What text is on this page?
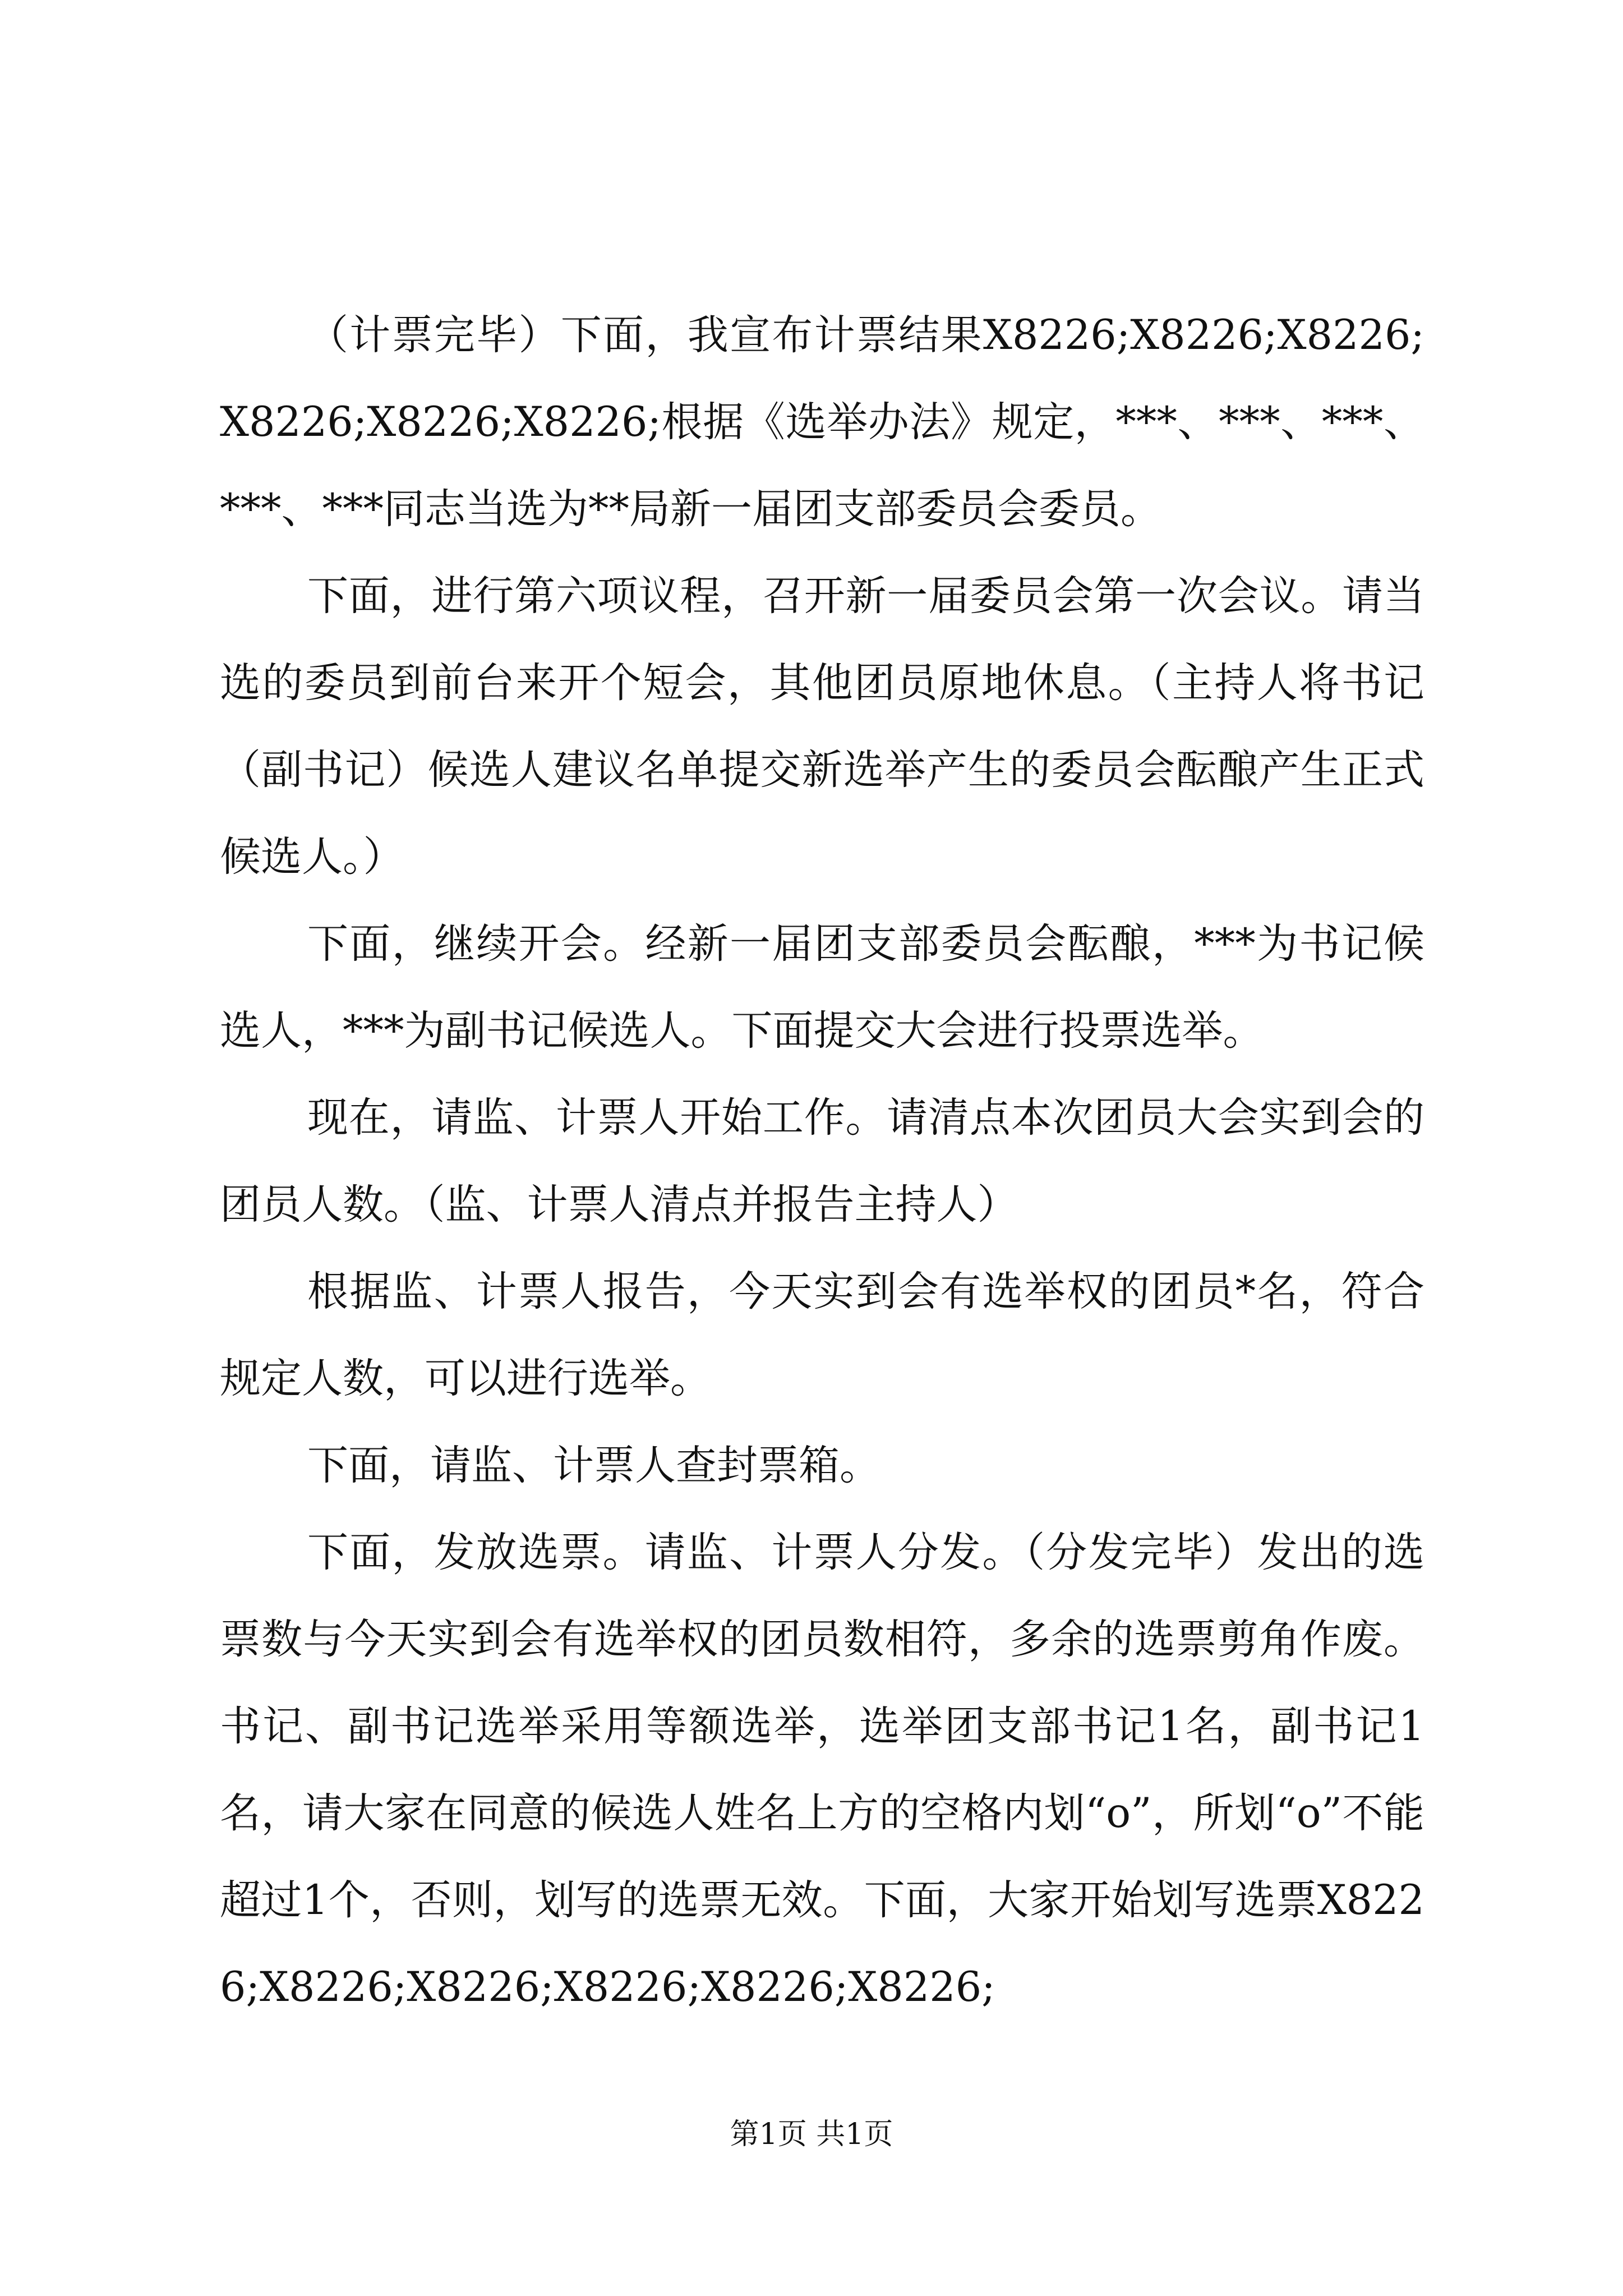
（计票完毕）下面，我宣布计票结果X8226;X8226;X8226;X8226;X8226;X8226;根据《选举办法》规定，***、***、***、***、***同志当选为**局新一届团支部委员会委员。

下面，进行第六项议程，召开新一届委员会第一次会议。请当选的委员到前台来开个短会，其他团员原地休息。（主持人将书记（副书记）候选人建议名单提交新选举产生的委员会酝酿产生正式候选人。）

下面，继续开会。经新一届团支部委员会酝酿，***为书记候选人，***为副书记候选人。下面提交大会进行投票选举。

现在，请监、计票人开始工作。请清点本次团员大会实到会的团员人数。（监、计票人清点并报告主持人）

根据监、计票人报告，今天实到会有选举权的团员*名，符合规定人数，可以进行选举。

下面，请监、计票人查封票箱。

下面，发放选票。请监、计票人分发。（分发完毕）发出的选票数与今天实到会有选举权的团员数相符，多余的选票剪角作废。书记、副书记选举采用等额选举，选举团支部书记1名，副书记1名，请大家在同意的候选人姓名上方的空格内划“o”，所划“o”不能超过1个，否则，划写的选票无效。下面，大家开始划写选票X8226;X8226;X8226;X8226;X8226;X8226;

第1页 共1页
